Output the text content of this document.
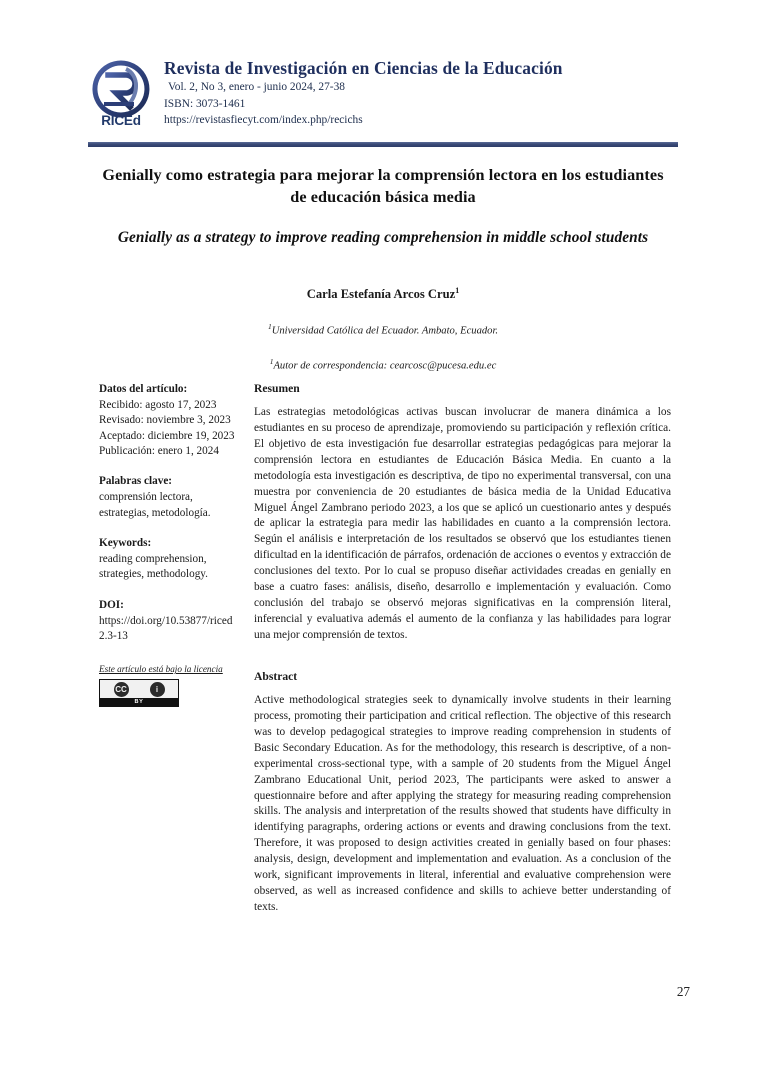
RICEd
Revista de Investigación en Ciencias de la Educación
Vol. 2, No 3, enero - junio 2024, 27-38
ISBN: 3073-1461
https://revistasfiecyt.com/index.php/recichs
Genially como estrategia para mejorar la comprensión lectora en los estudiantes de educación básica media
Genially as a strategy to improve reading comprehension in middle school students

Carla Estefanía Arcos Cruz$^1$

$^1$Universidad Católica del Ecuador. Ambato, Ecuador.

$^1$Autor de correspondencia: cearcosc@pucesa.edu.ec

Datos del artículo:

Recibido: agosto 17, 2023

Revisado: noviembre 3, 2023

Aceptado: diciembre 19, 2023

Publicación: enero 1, 2024

Palabras clave:

comprensión lectora,

estrategias, metodología.

Keywords:

reading comprehension,

strategies, methodology.

DOI:

https://doi.org/10.53877/riced2.3-13

Este artículo está bajo la licencia

CC	i
BY
Resumen

Las estrategias metodológicas activas buscan involucrar de manera dinámica a los estudiantes en su proceso de aprendizaje, promoviendo su participación y reflexión crítica. El objetivo de esta investigación fue desarrollar estrategias pedagógicas para mejorar la comprensión lectora en estudiantes de Educación Básica Media. En cuanto a la metodología esta investigación es descriptiva, de tipo no experimental transversal, con una muestra por conveniencia de 20 estudiantes de básica media de la Unidad Educativa Miguel Ángel Zambrano periodo 2023, a los que se aplicó un cuestionario antes y después de aplicar la estrategia para medir las habilidades en cuanto a la comprensión lectora. Según el análisis e interpretación de los resultados se observó que los estudiantes tienen dificultad en la identificación de párrafos, ordenación de acciones o eventos y extracción de conclusiones del texto. Por lo cual se propuso diseñar actividades creadas en genially en base a cuatro fases: análisis, diseño, desarrollo e implementación y evaluación. Como conclusión del trabajo se observó mejoras significativas en la comprensión literal, inferencial y evaluativa además el aumento de la confianza y las habilidades para lograr una mejor comprensión de textos.

Abstract

Active methodological strategies seek to dynamically involve students in their learning process, promoting their participation and critical reflection. The objective of this research was to develop pedagogical strategies to improve reading comprehension in students of Basic Secondary Education. As for the methodology, this research is descriptive, of a non-experimental cross-sectional type, with a sample of 20 students from the Miguel Ángel Zambrano Educational Unit, period 2023, The participants were asked to answer a questionnaire before and after applying the strategy for measuring reading comprehension skills. The analysis and interpretation of the results showed that students have difficulty in identifying paragraphs, ordering actions or events and drawing conclusions from the text. Therefore, it was proposed to design activities created in genially based on four phases: analysis, design, development and implementation and evaluation. As a conclusion of the work, significant improvements in literal, inferential and evaluative comprehension were observed, as well as increased confidence and skills to achieve better understanding of texts.

27
